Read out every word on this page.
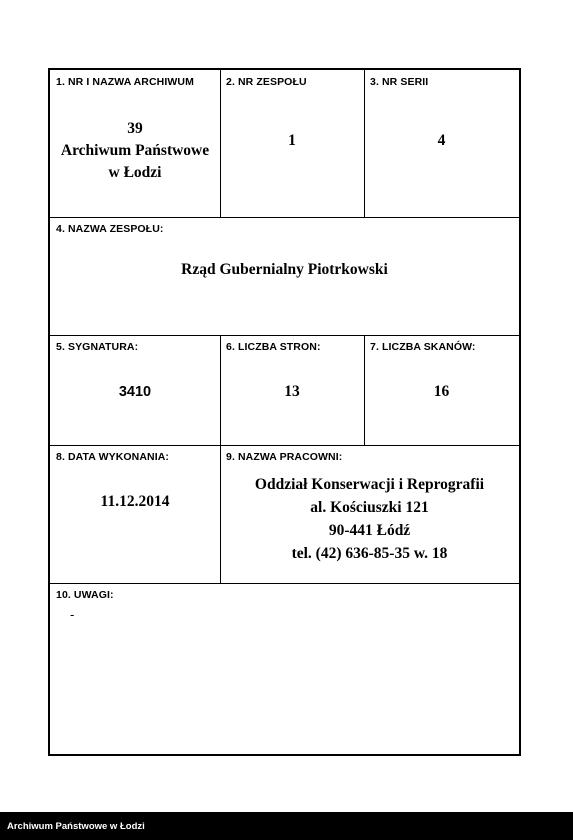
1. NR I NAZWA ARCHIWUM
39
Archiwum Państwowe
w Łodzi
2. NR ZESPOŁU
1
3. NR SERII
4
4. NAZWA ZESPOŁU:
Rząd Gubernialny Piotrkowski
5. SYGNATURA:
3410
6. LICZBA STRON:
13
7. LICZBA SKANÓW:
16
8. DATA WYKONANIA:
11.12.2014
9. NAZWA PRACOWNI:
Oddział Konserwacji i Reprografii
al. Kościuszki 121
90-441 Łódź
tel. (42) 636-85-35 w. 18
10. UWAGI:
-
Archiwum Państwowe w Łodzi
